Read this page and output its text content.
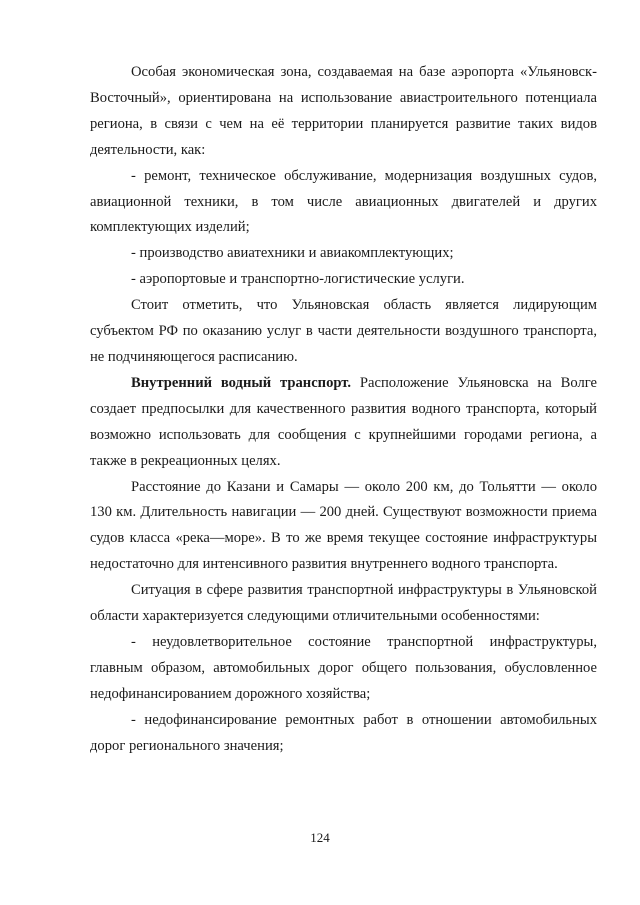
Особая экономическая зона, создаваемая на базе аэропорта «Ульяновск-Восточный», ориентирована на использование авиастроительного потенциала региона, в связи с чем на её территории планируется развитие таких видов деятельности, как:

- ремонт, техническое обслуживание, модернизация воздушных судов, авиационной техники, в том числе авиационных двигателей и других комплектующих изделий;

- производство авиатехники и авиакомплектующих;

- аэропортовые и транспортно-логистические услуги.

Стоит отметить, что Ульяновская область является лидирующим субъектом РФ по оказанию услуг в части деятельности воздушного транспорта, не подчиняющегося расписанию.

Внутренний водный транспорт. Расположение Ульяновска на Волге создает предпосылки для качественного развития водного транспорта, который возможно использовать для сообщения с крупнейшими городами региона, а также в рекреационных целях.

Расстояние до Казани и Самары — около 200 км, до Тольятти — около 130 км. Длительность навигации — 200 дней. Существуют возможности приема судов класса «река—море». В то же время текущее состояние инфраструктуры недостаточно для интенсивного развития внутреннего водного транспорта.

Ситуация в сфере развития транспортной инфраструктуры в Ульяновской области характеризуется следующими отличительными особенностями:

- неудовлетворительное состояние транспортной инфраструктуры, главным образом, автомобильных дорог общего пользования, обусловленное недофинансированием дорожного хозяйства;

- недофинансирование ремонтных работ в отношении автомобильных дорог регионального значения;

124
